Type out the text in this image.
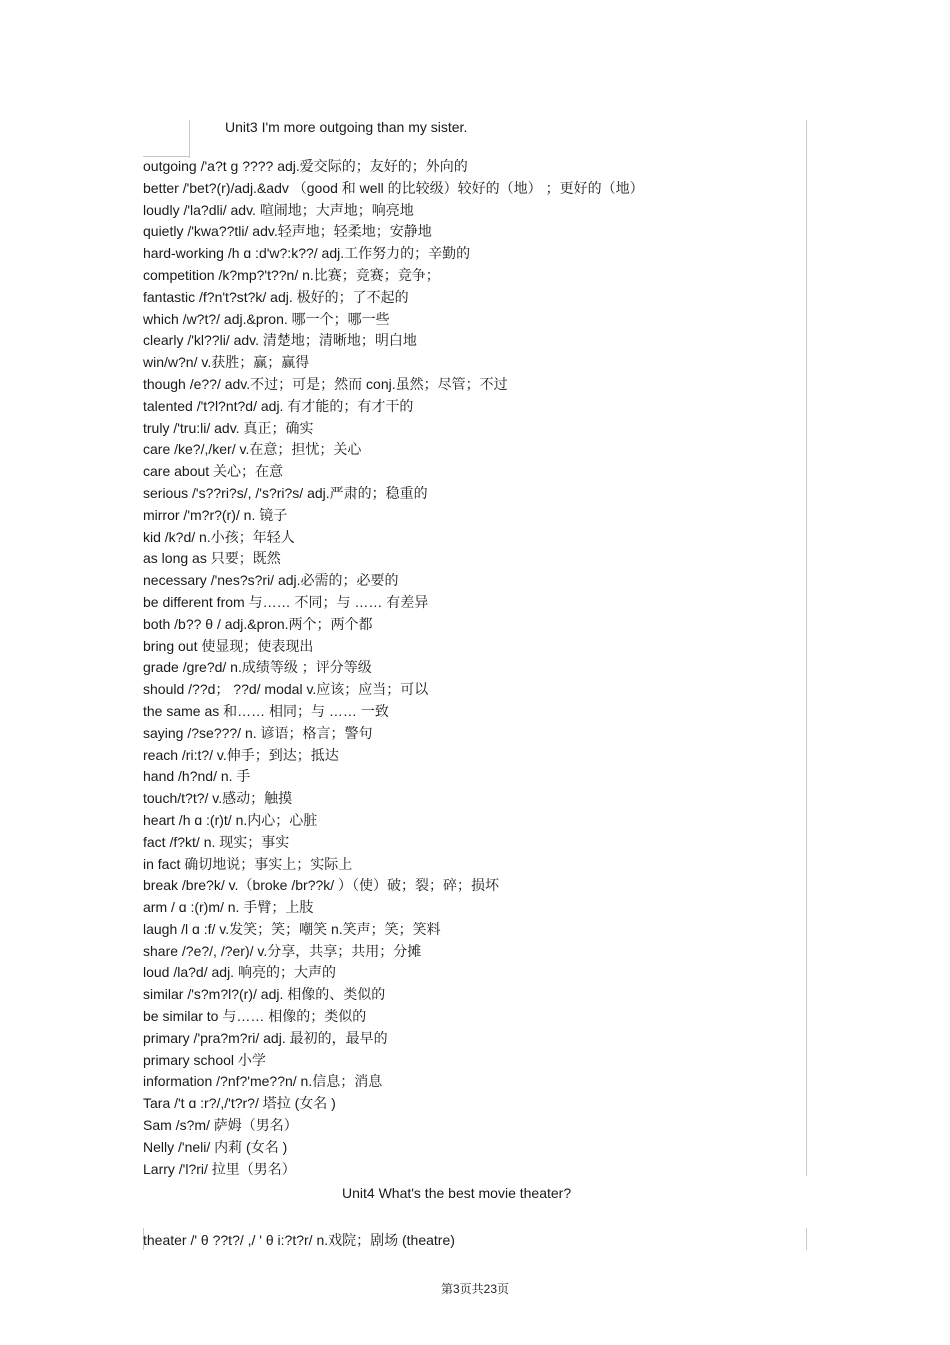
Unit3 I'm more outgoing than my sister.
outgoing /'a?t ɡ ???? adj.爱交际的；友好的；外向的
better /'bet?(r)/adj.&adv （good 和 well 的比较级）较好的（地） ；更好的（地）
loudly /'la?dli/ adv. 喧闹地；大声地；响亮地
quietly /'kwa??tli/ adv.轻声地；轻柔地；安静地
hard-working /h ɑ :d'w?:k??/ adj.工作努力的；辛勤的
competition /k?mp?'t??n/ n.比赛；竞赛；竞争；
fantastic /f?n't?st?k/ adj. 极好的；了不起的
which /w?t?/ adj.&pron. 哪一个；哪一些
clearly /'kl??li/ adv. 清楚地；清晰地；明白地
win/w?n/ v.获胜；赢；赢得
though /e??/ adv.不过；可是；然而 conj.虽然；尽管；不过
talented /'t?l?nt?d/ adj. 有才能的；有才干的
truly /'tru:li/ adv. 真正；确实
care /ke?/,/ker/ v.在意；担忧；关心
care about 关心；在意
serious /'s??ri?s/, /'s?ri?s/ adj.严肃的；稳重的
mirror /'m?r?(r)/ n. 镜子
kid /k?d/ n.小孩；年轻人
as long as 只要；既然
necessary /'nes?s?ri/ adj.必需的；必要的
be different from 与…… 不同；与 …… 有差异
both /b?? θ / adj.&pron.两个；两个都
bring out 使显现；使表现出
grade /gre?d/ n.成绩等级 ；评分等级
should /??d； ??d/ modal v.应该；应当；可以
the same as 和…… 相同；与 …… 一致
saying /?se???/ n. 谚语；格言；警句
reach /ri:t?/ v.伸手；到达；抵达
hand /h?nd/ n. 手
touch/t?t?/ v.感动；触摸
heart /h ɑ :(r)t/ n.内心；心脏
fact /f?kt/ n. 现实；事实
in fact 确切地说；事实上；实际上
break /bre?k/ v.（broke /br??k/ ）（使）破；裂；碎；损坏
arm / ɑ :(r)m/ n. 手臂；上肢
laugh /l ɑ :f/ v.发笑；笑；嘲笑 n.笑声；笑；笑料
share /?e?/, /?er)/ v.分享，共享；共用；分摊
loud /la?d/ adj. 响亮的；大声的
similar /'s?m?l?(r)/ adj. 相像的、类似的
be similar to 与…… 相像的；类似的
primary /'pra?m?ri/ adj. 最初的，最早的
primary school 小学
information /?nf?'me??n/ n.信息；消息
Tara /'t ɑ :r?/,/'t?r?/ 塔拉 (女名 )
Sam /s?m/ 萨姆（男名）
Nelly /'neli/ 内莉 (女名 )
Larry /'l?ri/ 拉里（男名）
Unit4 What's the best movie theater?
theater /' θ ??t?/ ,/ ' θ i:?t?r/ n.戏院；剧场 (theatre)
第3页共23页
